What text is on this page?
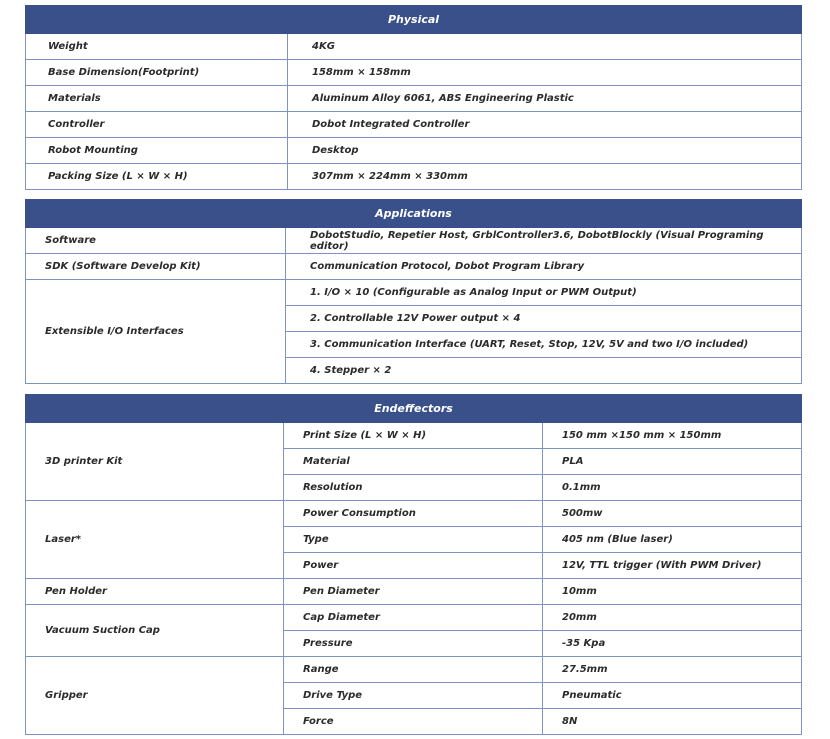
Physical	
Weight	4KG
Base Dimension(Footprint)	158mm × 158mm
Materials	Aluminum Alloy 6061, ABS Engineering Plastic
Controller	Dobot Integrated Controller
Robot Mounting	Desktop
Packing Size (L × W × H)	307mm × 224mm × 330mm
Applications	
Software	DobotStudio, Repetier Host, GrblController3.6, DobotBlockly (Visual Programing editor)
SDK (Software Develop Kit)	Communication Protocol, Dobot Program Library
Extensible I/O Interfaces	1. I/O × 10 (Configurable as Analog Input or PWM Output)
	2. Controllable 12V Power output × 4
	3. Communication Interface (UART, Reset, Stop, 12V, 5V and two I/O included)
	4. Stepper × 2
Endeffectors		
3D printer Kit	Print Size (L × W × H)	150 mm ×150 mm × 150mm
	Material	PLA
	Resolution	0.1mm
Laser*	Power Consumption	500mw
	Type	405 nm (Blue laser)
	Power	12V, TTL trigger (With PWM Driver)
Pen Holder	Pen Diameter	10mm
Vacuum Suction Cap	Cap Diameter	20mm
	Pressure	-35 Kpa
Gripper	Range	27.5mm
	Drive Type	Pneumatic
	Force	8N
